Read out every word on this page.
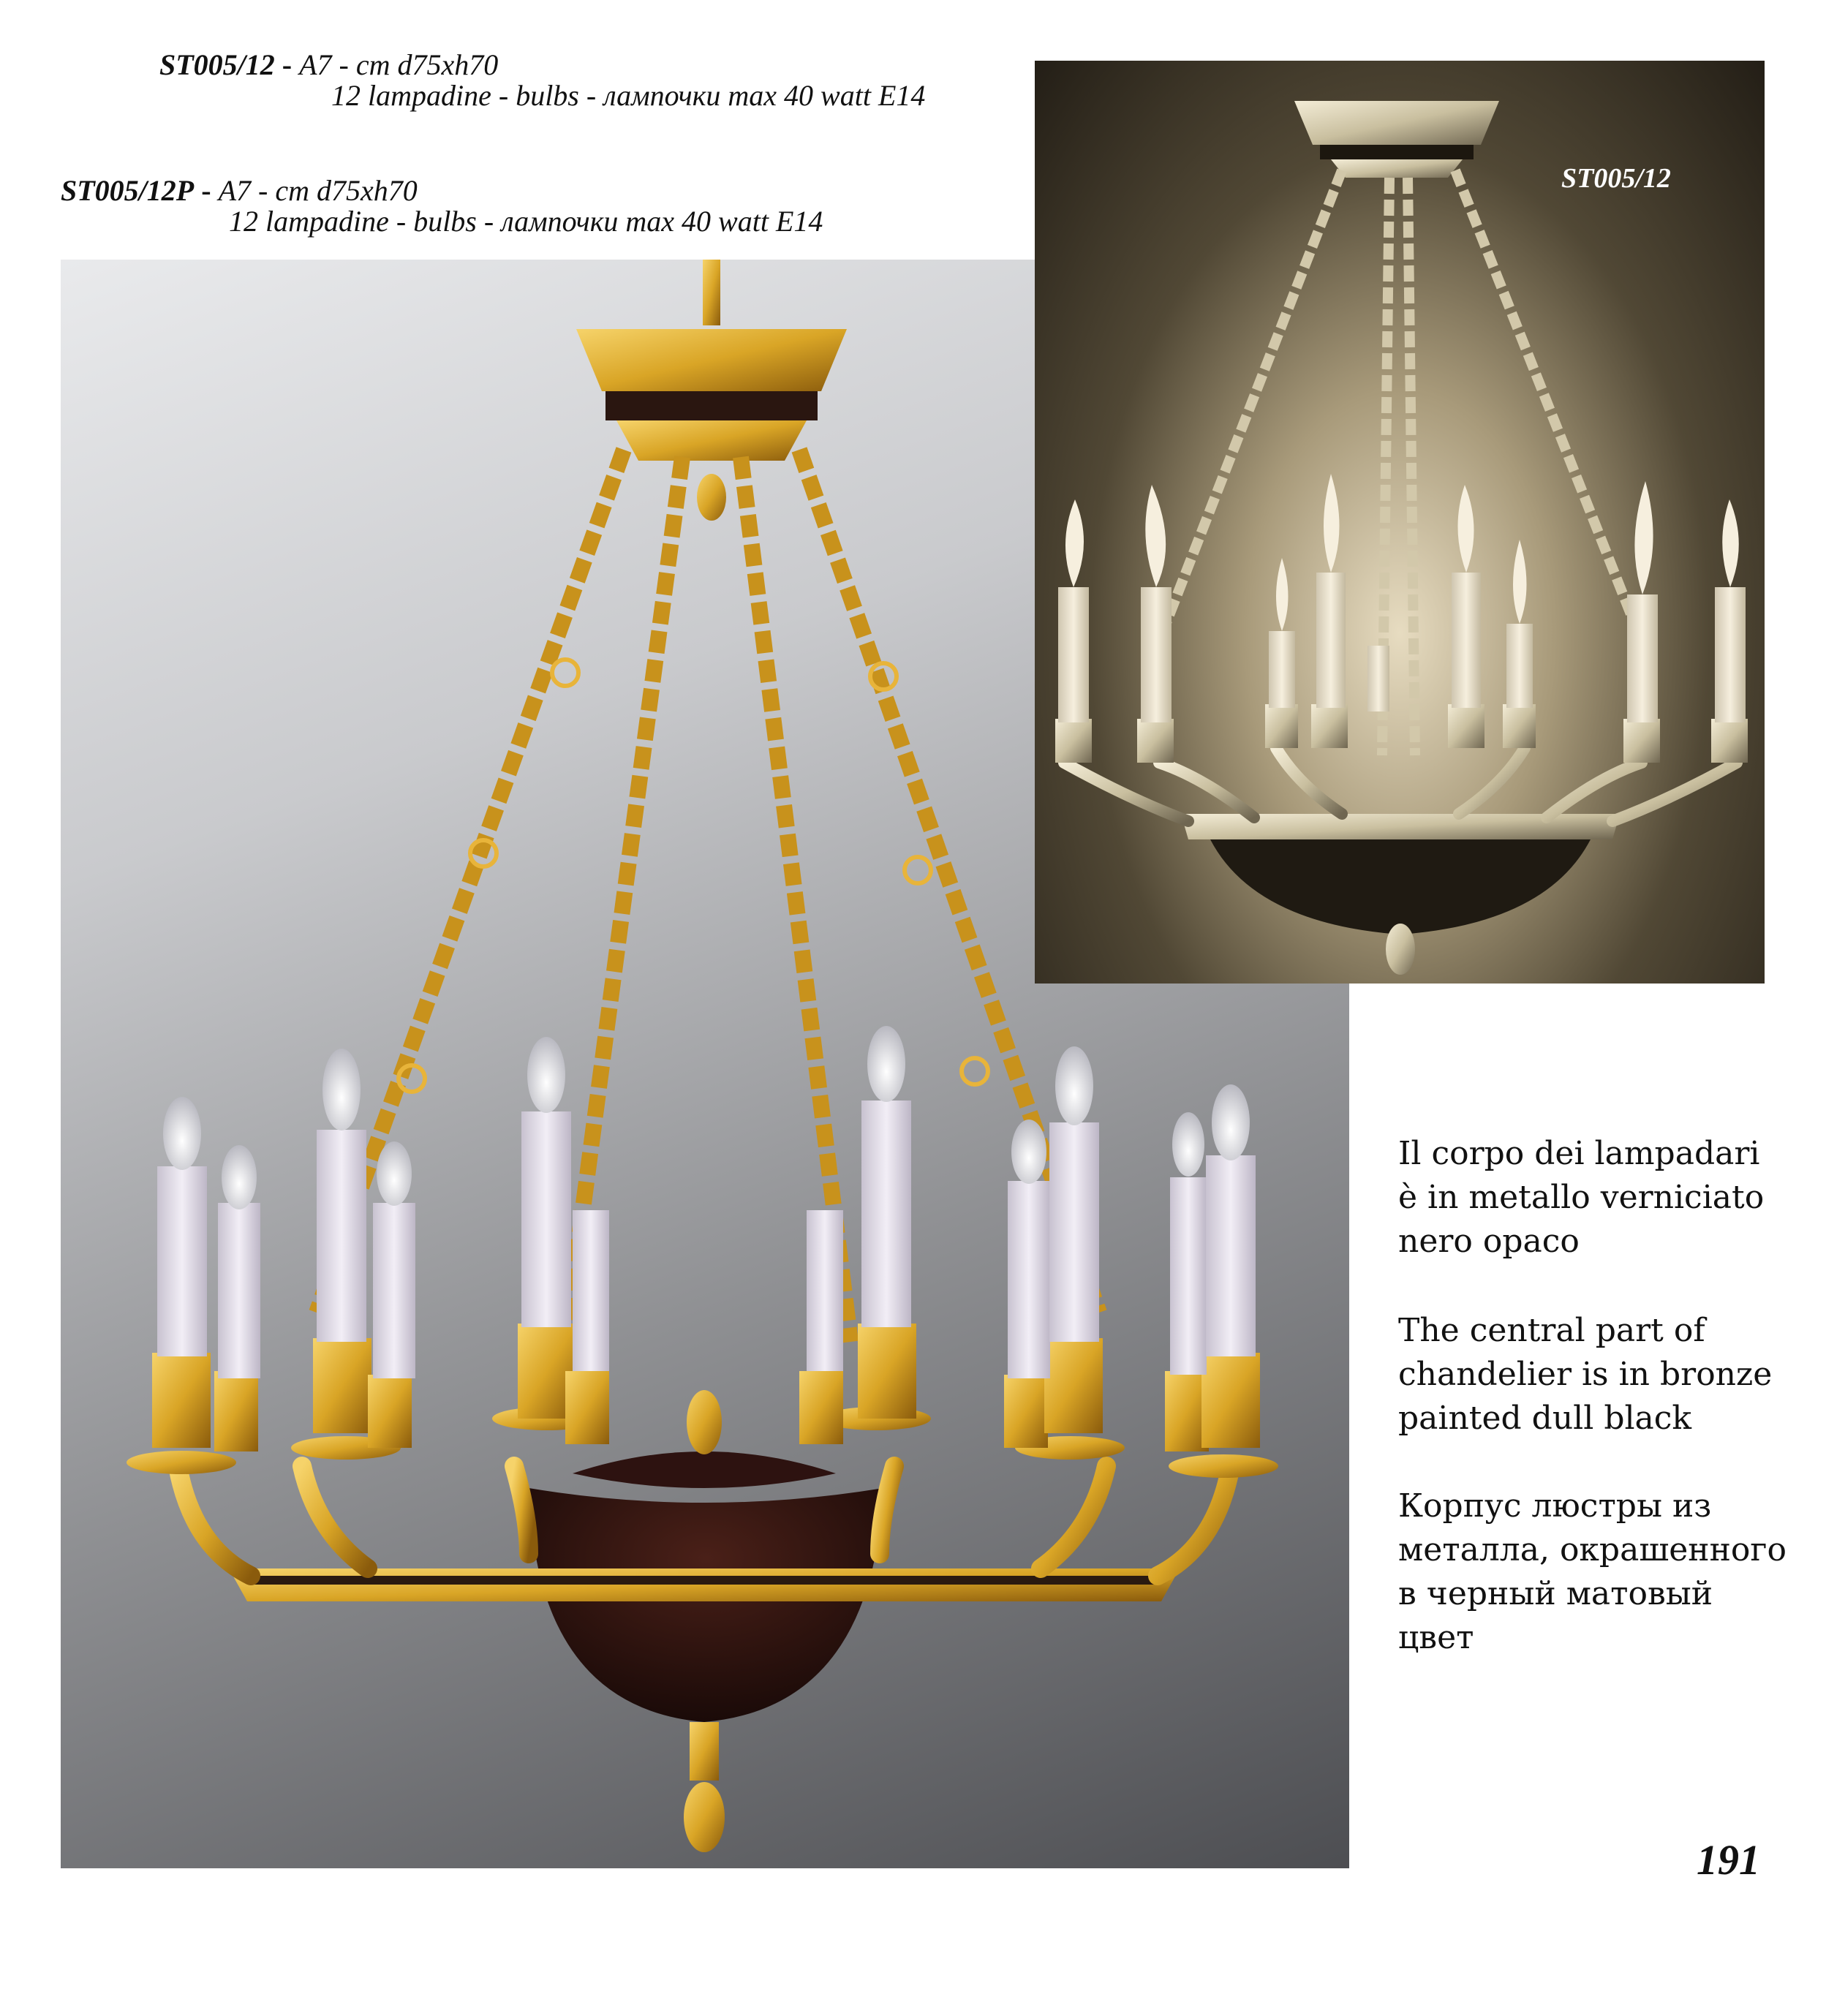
ST005/12 - A7 - cm d75xh70
12 lampadine - bulbs - лампочки max 40 watt E14
ST005/12P - A7 - cm d75xh70
12 lampadine - bulbs - лампочки max 40 watt E14
ST005/12P
ST005/12
Il corpo dei lampadari
è in metallo verniciato
nero opaco
The central part of
chandelier is in bronze
painted dull black
Корпус люстры из
металла, окрашенного
в черный матовый
цвет
191
